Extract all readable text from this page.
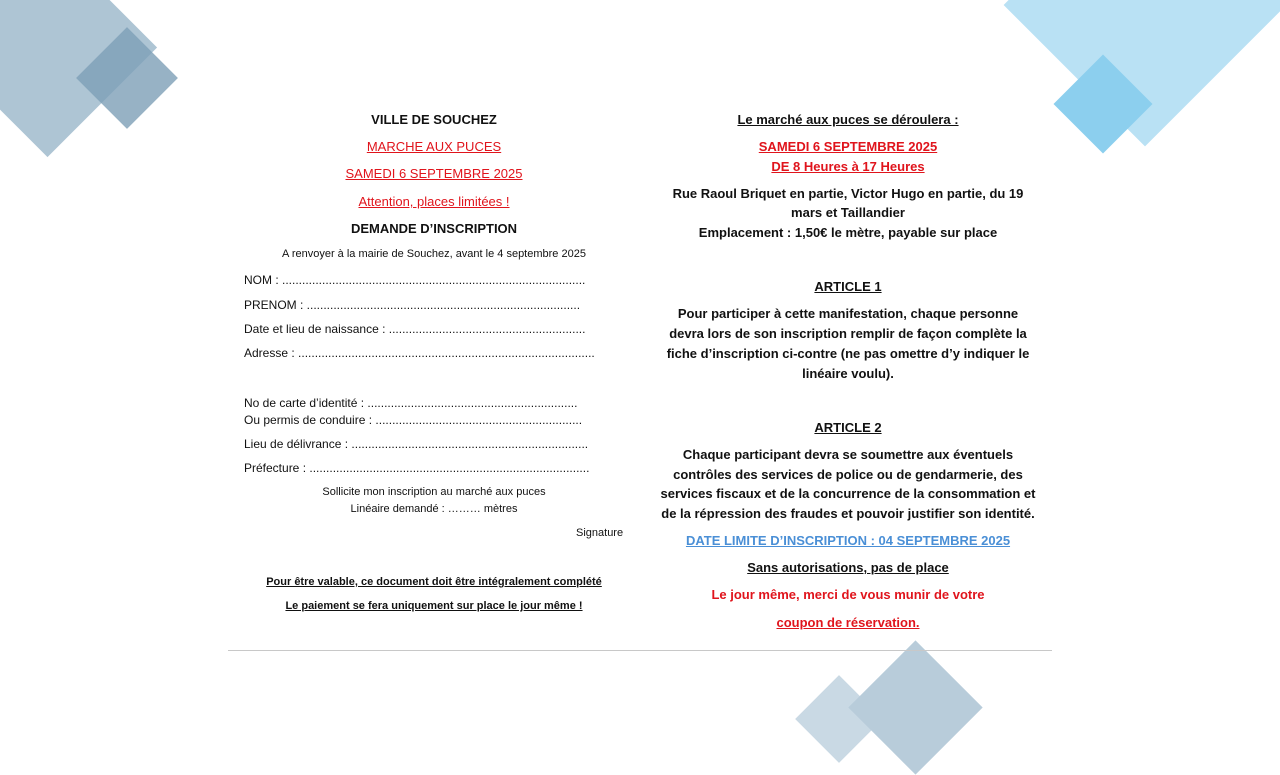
VILLE DE SOUCHEZ

MARCHE AUX PUCES

SAMEDI 6 SEPTEMBRE 2025

Attention, places limitées !

DEMANDE D’INSCRIPTION

A renvoyer à la mairie de Souchez, avant le 4 septembre 2025

NOM : ...........................................................................................
PRENOM : ..................................................................................
Date et lieu de naissance : ...........................................................
Adresse : .........................................................................................
No de carte d’identité : ...............................................................
Ou permis de conduire : ..............................................................
Lieu de délivrance : .......................................................................
Préfecture : ....................................................................................

Sollicite mon inscription au marché aux puces

Linéaire demandé : ……… mètres

Signature

Pour être valable, ce document doit être intégralement complété

Le paiement se fera uniquement sur place le jour même !

Le marché aux puces se déroulera :

SAMEDI 6 SEPTEMBRE 2025

DE 8 Heures à 17 Heures

Rue Raoul Briquet en partie, Victor Hugo en partie, du 19

mars et Taillandier

Emplacement : 1,50€ le mètre, payable sur place

ARTICLE 1

Pour participer à cette manifestation, chaque personne

devra lors de son inscription remplir de façon complète la

fiche d’inscription ci-contre (ne pas omettre d’y indiquer le

linéaire voulu).

ARTICLE 2

Chaque participant devra se soumettre aux éventuels

contrôles des services de police ou de gendarmerie, des

services fiscaux et de la concurrence de la consommation et

de la répression des fraudes et pouvoir justifier son identité.

DATE LIMITE D’INSCRIPTION : 04 SEPTEMBRE 2025

Sans autorisations, pas de place

Le jour même, merci de vous munir de votre

coupon de réservation.
